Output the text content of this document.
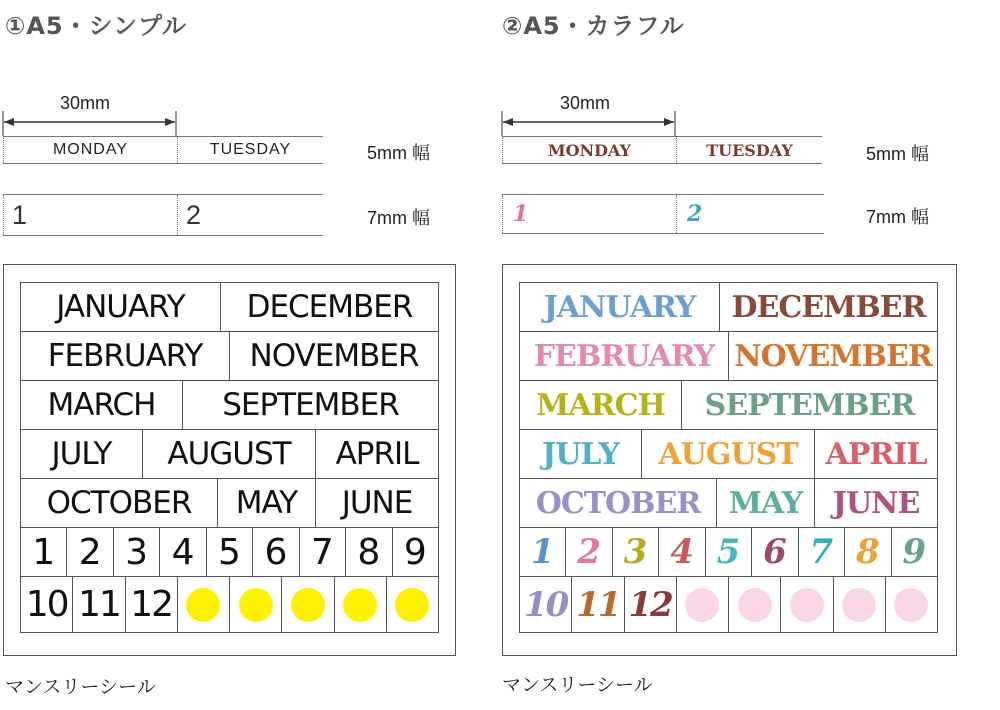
①A5・シンプル
30mm
MONDAY	TUESDAY	5mm 幅
1	2	7mm 幅
JANUARY	DECEMBER
FEBRUARY	NOVEMBER
MARCH	SEPTEMBER
JULY	AUGUST	APRIL
OCTOBER	MAY	JUNE
1 2 3 4 5 6 7 8 9
10 11 12
マンスリーシール
②A5・カラフル
30mm
MONDAY	TUESDAY	5mm 幅
1	2	7mm 幅
JANUARY	DECEMBER
FEBRUARY NOVEMBER
MARCH	SEPTEMBER
JULY	AUGUST APRIL
OCTOBER MAY	JUNE
1 2 3 4 5 6 7 8 9
10 11 12
マンスリーシール
